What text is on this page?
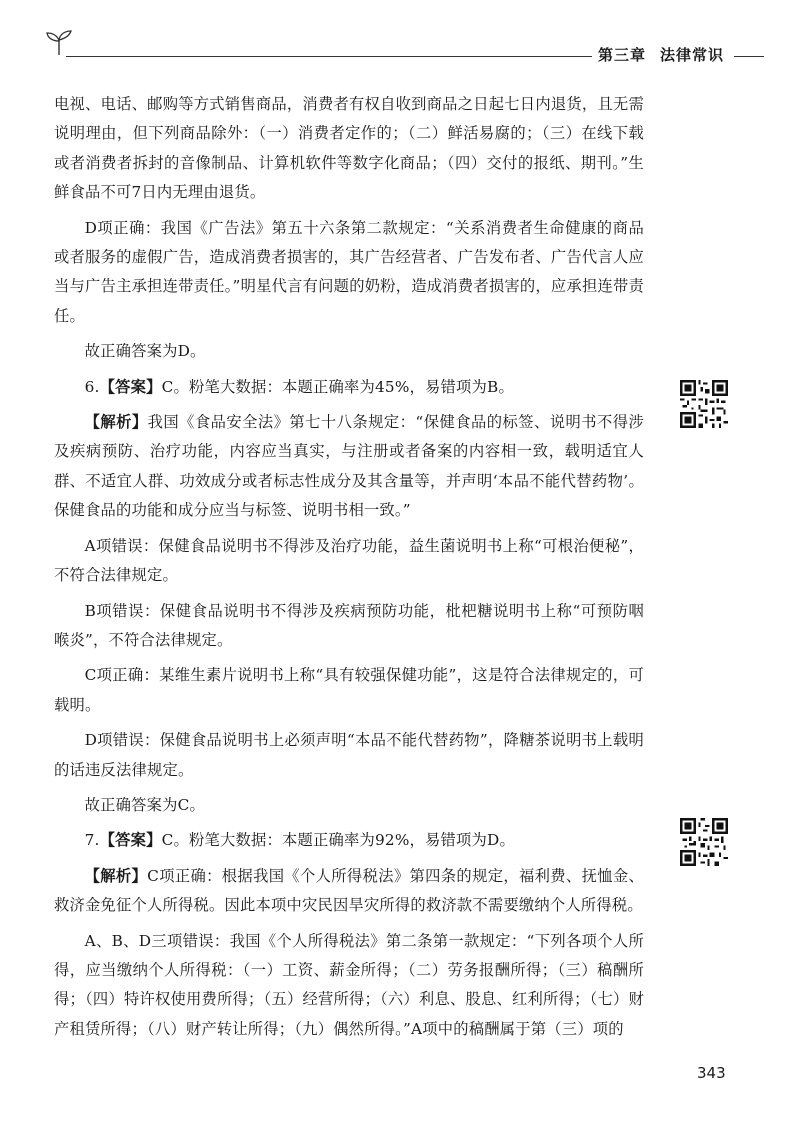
第三章 法律常识

电视、电话、邮购等方式销售商品，消费者有权自收到商品之日起七日内退货，且无需说明理由，但下列商品除外：（一）消费者定作的；（二）鲜活易腐的；（三）在线下载或者消费者拆封的音像制品、计算机软件等数字化商品；（四）交付的报纸、期刊。”生鲜食品不可7日内无理由退货。

D项正确：我国《广告法》第五十六条第二款规定：“关系消费者生命健康的商品或者服务的虚假广告，造成消费者损害的，其广告经营者、广告发布者、广告代言人应当与广告主承担连带责任。”明星代言有问题的奶粉，造成消费者损害的，应承担连带责任。

故正确答案为D。

6.【答案】C。粉笔大数据：本题正确率为45%，易错项为B。

【解析】我国《食品安全法》第七十八条规定：“保健食品的标签、说明书不得涉及疾病预防、治疗功能，内容应当真实，与注册或者备案的内容相一致，载明适宜人群、不适宜人群、功效成分或者标志性成分及其含量等，并声明‘本品不能代替药物’。保健食品的功能和成分应当与标签、说明书相一致。”

A项错误：保健食品说明书不得涉及治疗功能，益生菌说明书上称“可根治便秘”，不符合法律规定。

B项错误：保健食品说明书不得涉及疾病预防功能，枇杷糖说明书上称“可预防咽喉炎”，不符合法律规定。

C项正确：某维生素片说明书上称“具有较强保健功能”，这是符合法律规定的，可载明。

D项错误：保健食品说明书上必须声明“本品不能代替药物”，降糖茶说明书上载明的话违反法律规定。

故正确答案为C。

7.【答案】C。粉笔大数据：本题正确率为92%，易错项为D。

【解析】C项正确：根据我国《个人所得税法》第四条的规定，福利费、抚恤金、救济金免征个人所得税。因此本项中灾民因旱灾所得的救济款不需要缴纳个人所得税。

A、B、D三项错误：我国《个人所得税法》第二条第一款规定：“下列各项个人所得，应当缴纳个人所得税：（一）工资、薪金所得；（二）劳务报酬所得；（三）稿酬所得；（四）特许权使用费所得；（五）经营所得；（六）利息、股息、红利所得；（七）财产租赁所得；（八）财产转让所得；（九）偶然所得。”A项中的稿酬属于第（三）项的

343
